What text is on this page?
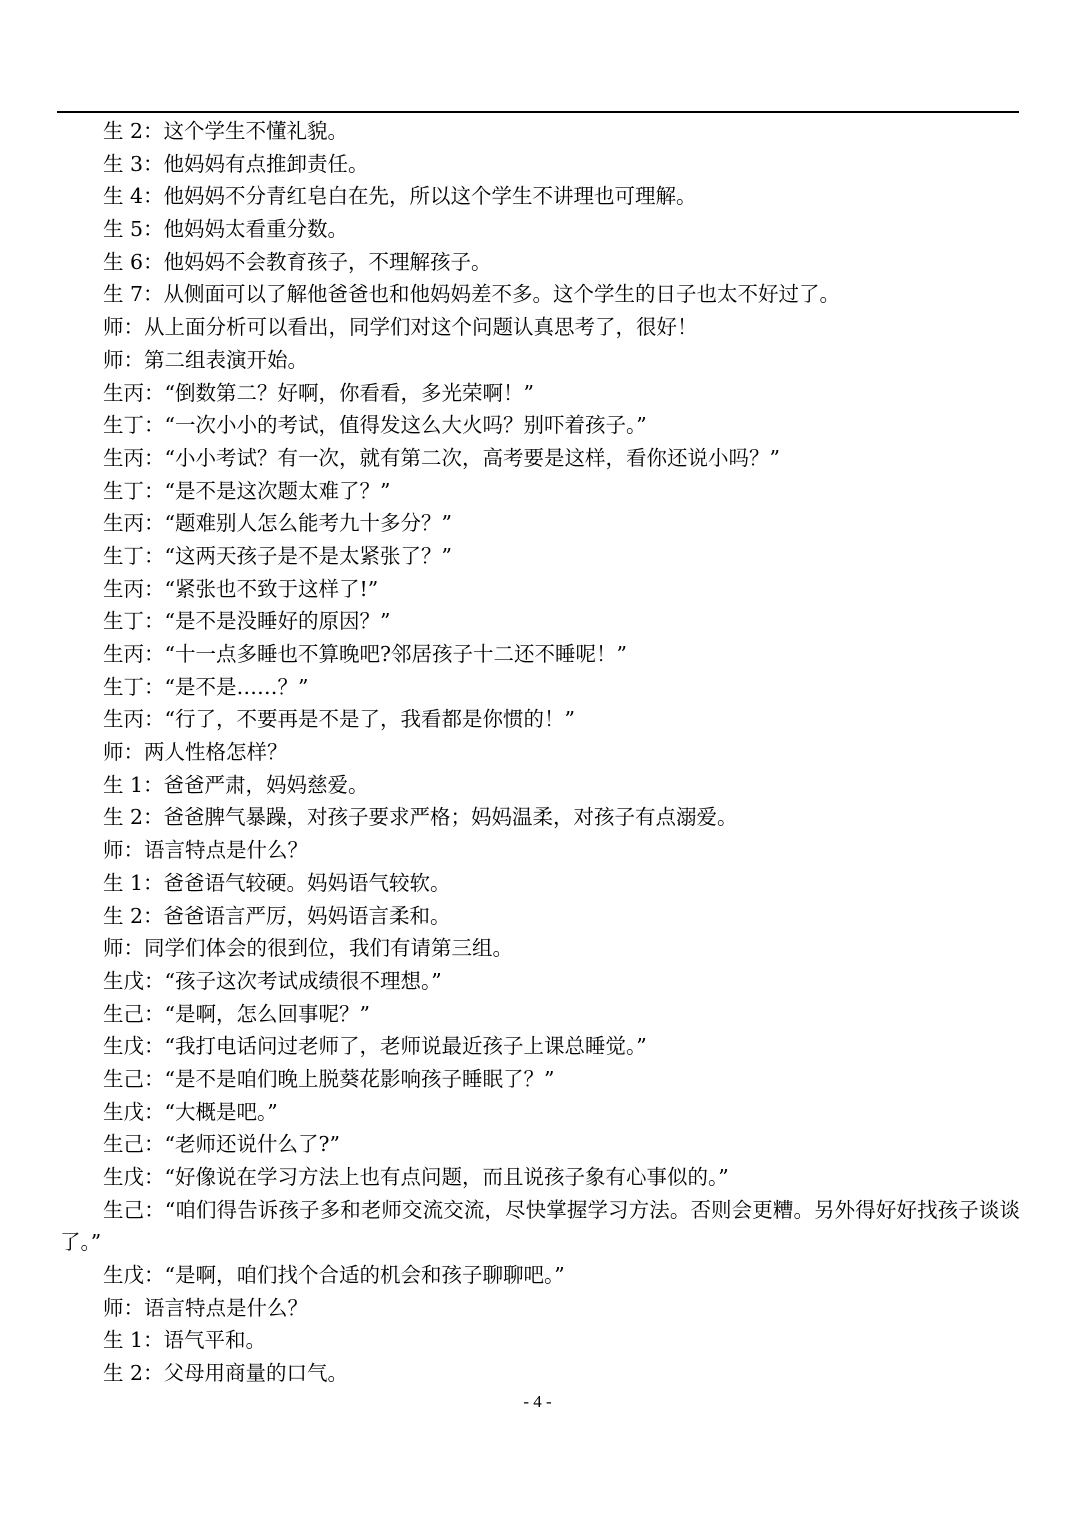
生 2：这个学生不懂礼貌。
生 3：他妈妈有点推卸责任。
生 4：他妈妈不分青红皂白在先，所以这个学生不讲理也可理解。
生 5：他妈妈太看重分数。
生 6：他妈妈不会教育孩子，不理解孩子。
生 7：从侧面可以了解他爸爸也和他妈妈差不多。这个学生的日子也太不好过了。
师：从上面分析可以看出，同学们对这个问题认真思考了，很好！
师：第二组表演开始。
生丙：“倒数第二？好啊，你看看，多光荣啊！”
生丁：“一次小小的考试，值得发这么大火吗？别吓着孩子。”
生丙：“小小考试？有一次，就有第二次，高考要是这样，看你还说小吗？”
生丁：“是不是这次题太难了？”
生丙：“题难别人怎么能考九十多分？”
生丁：“这两天孩子是不是太紧张了？”
生丙：“紧张也不致于这样了!”
生丁：“是不是没睡好的原因？”
生丙：“十一点多睡也不算晚吧?邻居孩子十二还不睡呢！”
生丁：“是不是……？”
生丙：“行了，不要再是不是了，我看都是你惯的！”
师：两人性格怎样？
生 1：爸爸严肃，妈妈慈爱。
生 2：爸爸脾气暴躁，对孩子要求严格；妈妈温柔，对孩子有点溺爱。
师：语言特点是什么？
生 1：爸爸语气较硬。妈妈语气较软。
生 2：爸爸语言严厉，妈妈语言柔和。
师：同学们体会的很到位，我们有请第三组。
生戊：“孩子这次考试成绩很不理想。”
生己：“是啊，怎么回事呢？”
生戊：“我打电话问过老师了，老师说最近孩子上课总睡觉。”
生己：“是不是咱们晚上脱葵花影响孩子睡眠了？”
生戊：“大概是吧。”
生己：“老师还说什么了?”
生戊：“好像说在学习方法上也有点问题，而且说孩子象有心事似的。”
生己：“咱们得告诉孩子多和老师交流交流，尽快掌握学习方法。否则会更糟。另外得好好找孩子谈谈了。”
生戊：“是啊，咱们找个合适的机会和孩子聊聊吧。”
师：语言特点是什么？
生 1：语气平和。
生 2：父母用商量的口气。
- 4 -
